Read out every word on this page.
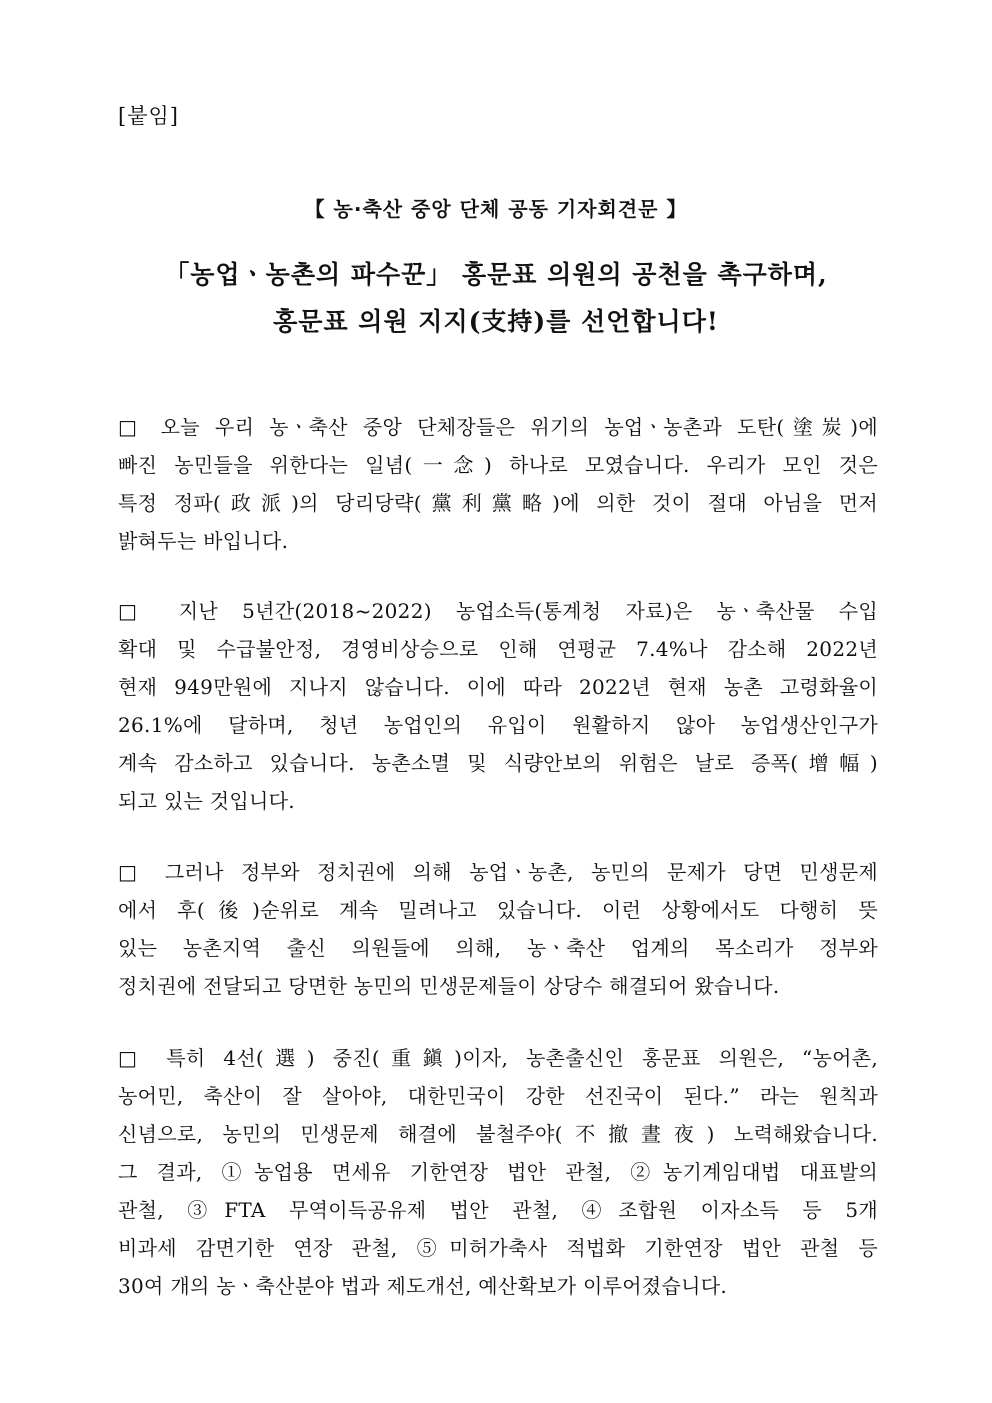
[붙임]
【 농·축산 중앙 단체 공동 기자회견문 】
「농업ㆍ농촌의 파수꾼」 홍문표 의원의 공천을 촉구하며,
홍문표 의원 지지(支持)를 선언합니다!
□ 오늘 우리 농ㆍ축산 중앙 단체장들은 위기의 농업ㆍ농촌과 도탄(塗炭)에
빠진 농민들을 위한다는 일념(一念) 하나로 모였습니다. 우리가 모인 것은
특정 정파(政派)의 당리당략(黨利黨略)에 의한 것이 절대 아님을 먼저
밝혀두는 바입니다.
□ 지난 5년간(2018~2022) 농업소득(통계청 자료)은 농ㆍ축산물 수입
확대 및 수급불안정, 경영비상승으로 인해 연평균 7.4%나 감소해 2022년
현재 949만원에 지나지 않습니다. 이에 따라 2022년 현재 농촌 고령화율이
26.1%에 달하며, 청년 농업인의 유입이 원활하지 않아 농업생산인구가
계속 감소하고 있습니다. 농촌소멸 및 식량안보의 위험은 날로 증폭(增幅)
되고 있는 것입니다.
□ 그러나 정부와 정치권에 의해 농업ㆍ농촌, 농민의 문제가 당면 민생문제
에서 후(後)순위로 계속 밀려나고 있습니다. 이런 상황에서도 다행히 뜻
있는 농촌지역 출신 의원들에 의해, 농ㆍ축산 업계의 목소리가 정부와
정치권에 전달되고 당면한 농민의 민생문제들이 상당수 해결되어 왔습니다.
□ 특히 4선(選) 중진(重鎭)이자, 농촌출신인 홍문표 의원은, “농어촌,
농어민, 축산이 잘 살아야, 대한민국이 강한 선진국이 된다.” 라는 원칙과
신념으로, 농민의 민생문제 해결에 불철주야(不撤晝夜) 노력해왔습니다.
그 결과, ①농업용 면세유 기한연장 법안 관철, ②농기계임대법 대표발의
관철, ③FTA 무역이득공유제 법안 관철, ④조합원 이자소득 등 5개
비과세 감면기한 연장 관철, ⑤미허가축사 적법화 기한연장 법안 관철 등
30여 개의 농ㆍ축산분야 법과 제도개선, 예산확보가 이루어졌습니다.
